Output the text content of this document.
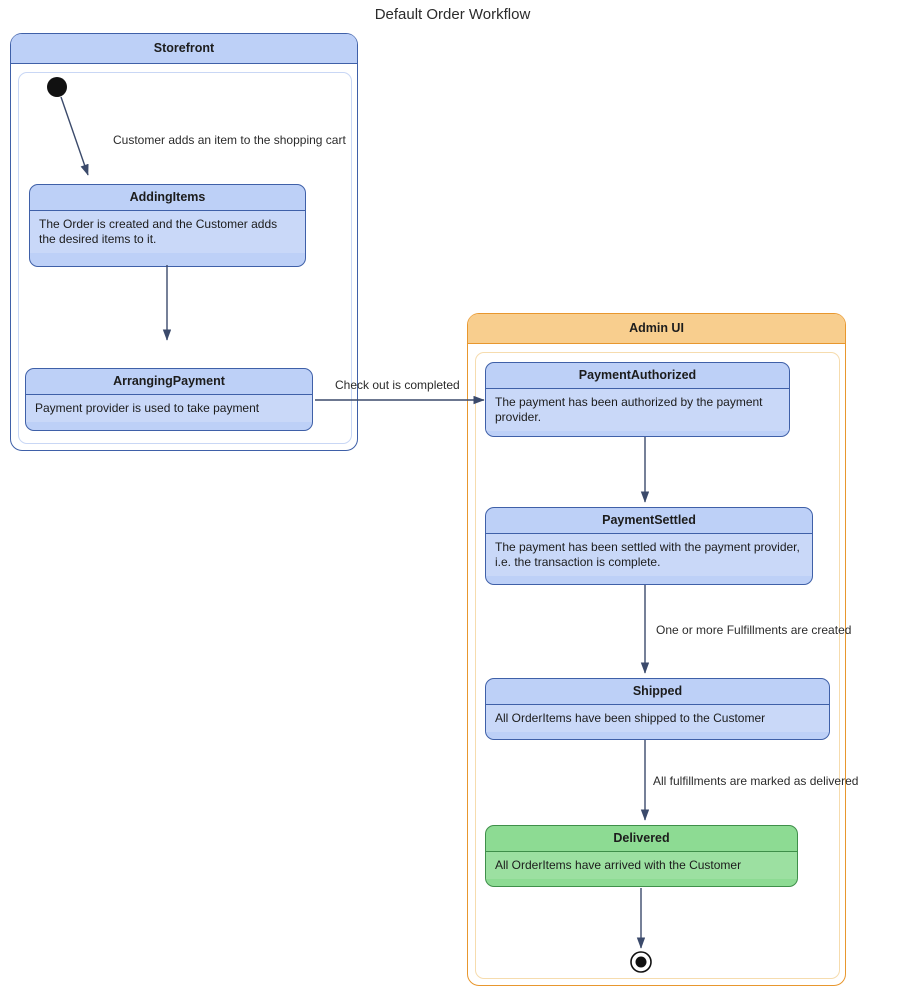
Default Order Workflow
Storefront
AddingItems
The Order is created and the Customer adds the desired items to it.
ArrangingPayment
Payment provider is used to take payment
Admin UI
PaymentAuthorized
The payment has been authorized by the payment provider.
PaymentSettled
The payment has been settled with the payment provider, i.e. the transaction is complete.
Shipped
All OrderItems have been shipped to the Customer
Delivered
All OrderItems have arrived with the Customer
Customer adds an item to the shopping cart
Check out is completed
One or more Fulfillments are created
All fulfillments are marked as delivered
